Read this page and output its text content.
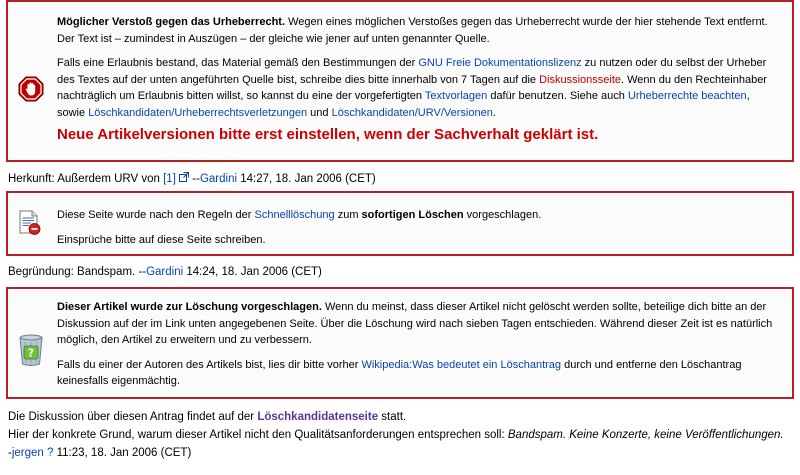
Möglicher Verstoß gegen das Urheberrecht. Wegen eines möglichen Verstoßes gegen das Urheberrecht wurde der hier stehende Text entfernt. Der Text ist – zumindest in Auszügen – der gleiche wie jener auf unten genannter Quelle.

Falls eine Erlaubnis bestand, das Material gemäß den Bestimmungen der GNU Freie Dokumentationslizenz zu nutzen oder du selbst der Urheber des Textes auf der unten angeführten Quelle bist, schreibe dies bitte innerhalb von 7 Tagen auf die Diskussionsseite. Wenn du den Rechteinhaber nachträglich um Erlaubnis bitten willst, so kannst du eine der vorgefertigten Textvorlagen dafür benutzen. Siehe auch Urheberrechte beachten, sowie Löschkandidaten/Urheberrechtsverletzungen und Löschkandidaten/URV/Versionen.

Neue Artikelversionen bitte erst einstellen, wenn der Sachverhalt geklärt ist.

Herkunft: Außerdem URV von [1]  --Gardini 14:27, 18. Jan 2006 (CET)

Diese Seite wurde nach den Regeln der Schnelllöschung zum sofortigen Löschen vorgeschlagen.

Einsprüche bitte auf diese Seite schreiben.

Begründung: Bandspam. --Gardini 14:24, 18. Jan 2006 (CET)
?

Dieser Artikel wurde zur Löschung vorgeschlagen. Wenn du meinst, dass dieser Artikel nicht gelöscht werden sollte, beteilige dich bitte an der Diskussion auf der im Link unten angegebenen Seite. Über die Löschung wird nach sieben Tagen entschieden. Während dieser Zeit ist es natürlich möglich, den Artikel zu erweitern und zu verbessern.

Falls du einer der Autoren des Artikels bist, lies dir bitte vorher Wikipedia:Was bedeutet ein Löschantrag durch und entferne den Löschantrag keinesfalls eigenmächtig.

Die Diskussion über diesen Antrag findet auf der Löschkandidatenseite statt.
Hier der konkrete Grund, warum dieser Artikel nicht den Qualitätsanforderungen entsprechen soll: Bandspam. Keine Konzerte, keine Veröffentlichungen. -jergen ? 11:23, 18. Jan 2006 (CET)
